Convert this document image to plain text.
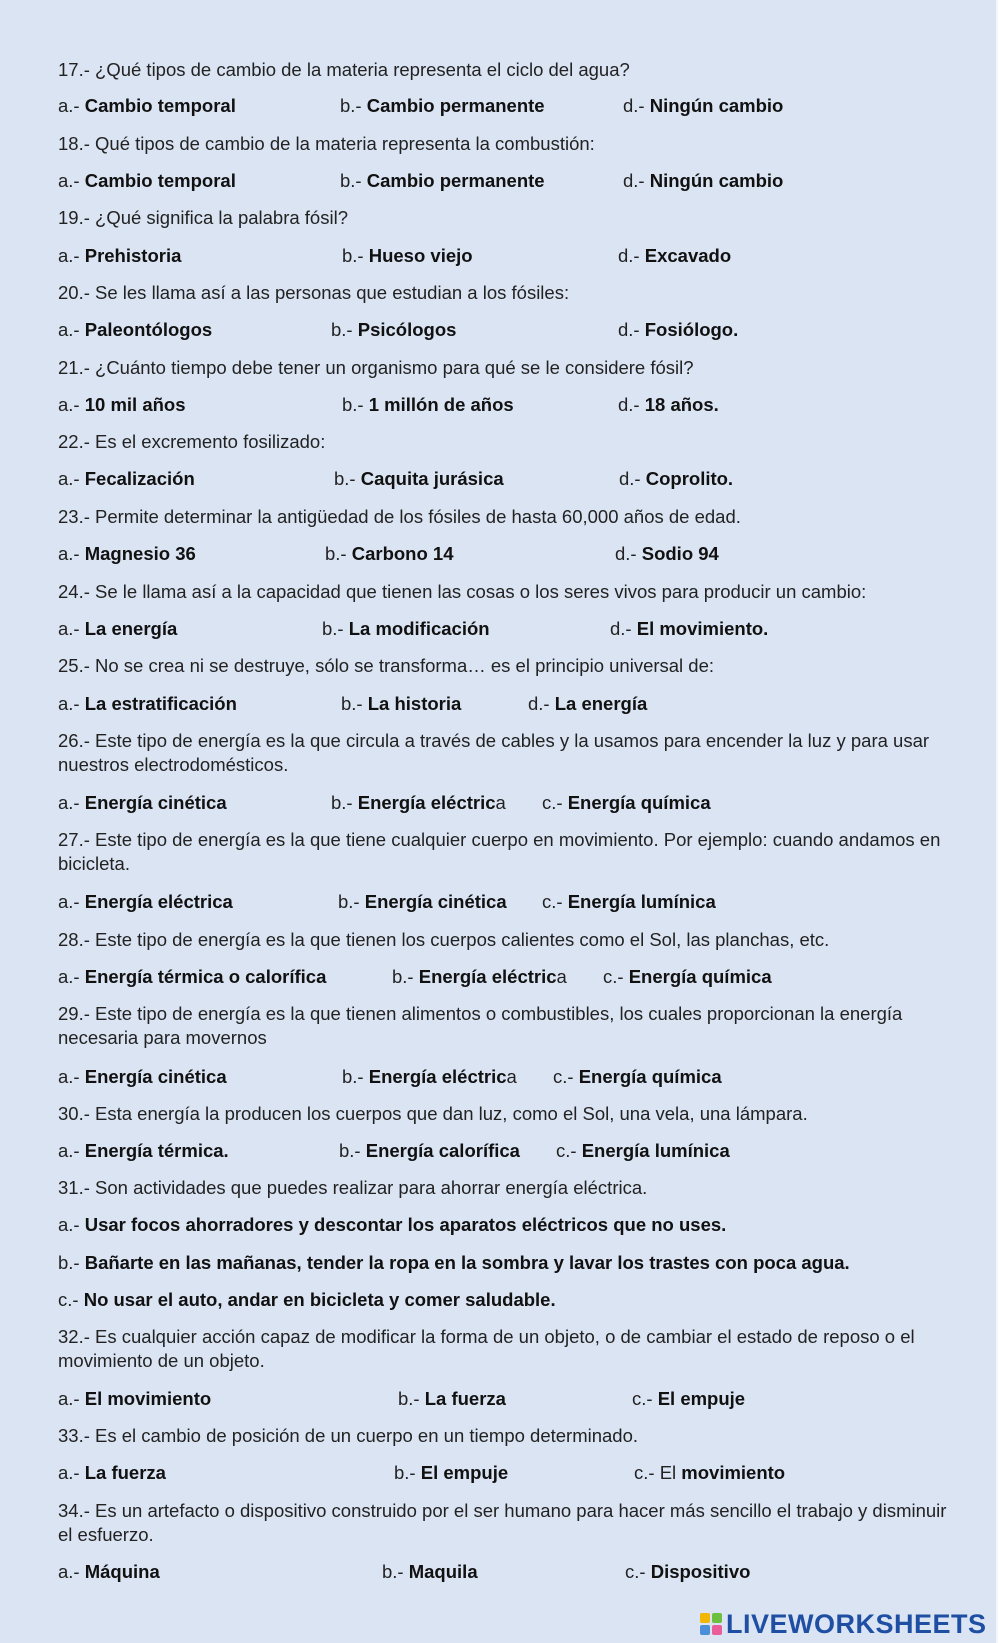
17.- ¿Qué tipos de cambio de la materia representa el ciclo del agua?
a.- Cambio temporal	b.- Cambio permanente	d.- Ningún cambio
18.- Qué tipos de cambio de la materia representa la combustión:
a.- Cambio temporal	b.- Cambio permanente	d.- Ningún cambio
19.- ¿Qué significa la palabra fósil?
a.- Prehistoria	b.- Hueso viejo	d.- Excavado
20.- Se les llama así a las personas que estudian a los fósiles:
a.- Paleontólogos	b.- Psicólogos	d.- Fosiólogo.
21.- ¿Cuánto tiempo debe tener un organismo para qué se le considere fósil?
a.- 10 mil años	b.- 1 millón de años	d.- 18 años.
22.- Es el excremento fosilizado:
a.- Fecalización	b.- Caquita jurásica	d.- Coprolito.
23.- Permite determinar la antigüedad de los fósiles de hasta 60,000 años de edad.
a.- Magnesio 36	b.- Carbono 14	d.- Sodio 94
24.- Se le llama así a la capacidad que tienen las cosas o los seres vivos para producir un cambio:
a.- La energía	b.- La modificación	d.- El movimiento.
25.- No se crea ni se destruye, sólo se transforma… es el principio universal de:
a.- La estratificación	b.- La historia	d.- La energía
26.- Este tipo de energía es la que circula a través de cables y la usamos para encender la luz y para usar nuestros electrodomésticos.
a.- Energía cinética	b.- Energía eléctrica c.- Energía química
27.- Este tipo de energía es la que tiene cualquier cuerpo en movimiento. Por ejemplo: cuando andamos en bicicleta.
a.- Energía eléctrica	b.- Energía cinética c.- Energía lumínica
28.- Este tipo de energía es la que tienen los cuerpos calientes como el Sol, las planchas, etc.
a.- Energía térmica o calorífica	b.- Energía eléctrica c.- Energía química
29.- Este tipo de energía es la que tienen alimentos o combustibles, los cuales proporcionan la energía necesaria para movernos
a.- Energía cinética	b.- Energía eléctrica c.- Energía química
30.- Esta energía la producen los cuerpos que dan luz, como el Sol, una vela, una lámpara.
a.- Energía térmica.	b.- Energía calorífica c.- Energía lumínica
31.- Son actividades que puedes realizar para ahorrar energía eléctrica.
a.- Usar focos ahorradores y descontar los aparatos eléctricos que no uses.
b.- Bañarte en las mañanas, tender la ropa en la sombra y lavar los trastes con poca agua.
c.- No usar el auto, andar en bicicleta y comer saludable.
32.- Es cualquier acción capaz de modificar la forma de un objeto, o de cambiar el estado de reposo o el movimiento de un objeto.
a.- El movimiento	b.- La fuerza	c.- El empuje
33.- Es el cambio de posición de un cuerpo en un tiempo determinado.
a.- La fuerza	b.- El empuje	c.- El movimiento
34.- Es un artefacto o dispositivo construido por el ser humano para hacer más sencillo el trabajo y disminuir el esfuerzo.
a.- Máquina	b.- Maquila	c.- Dispositivo
LIVEWORKSHEETS
